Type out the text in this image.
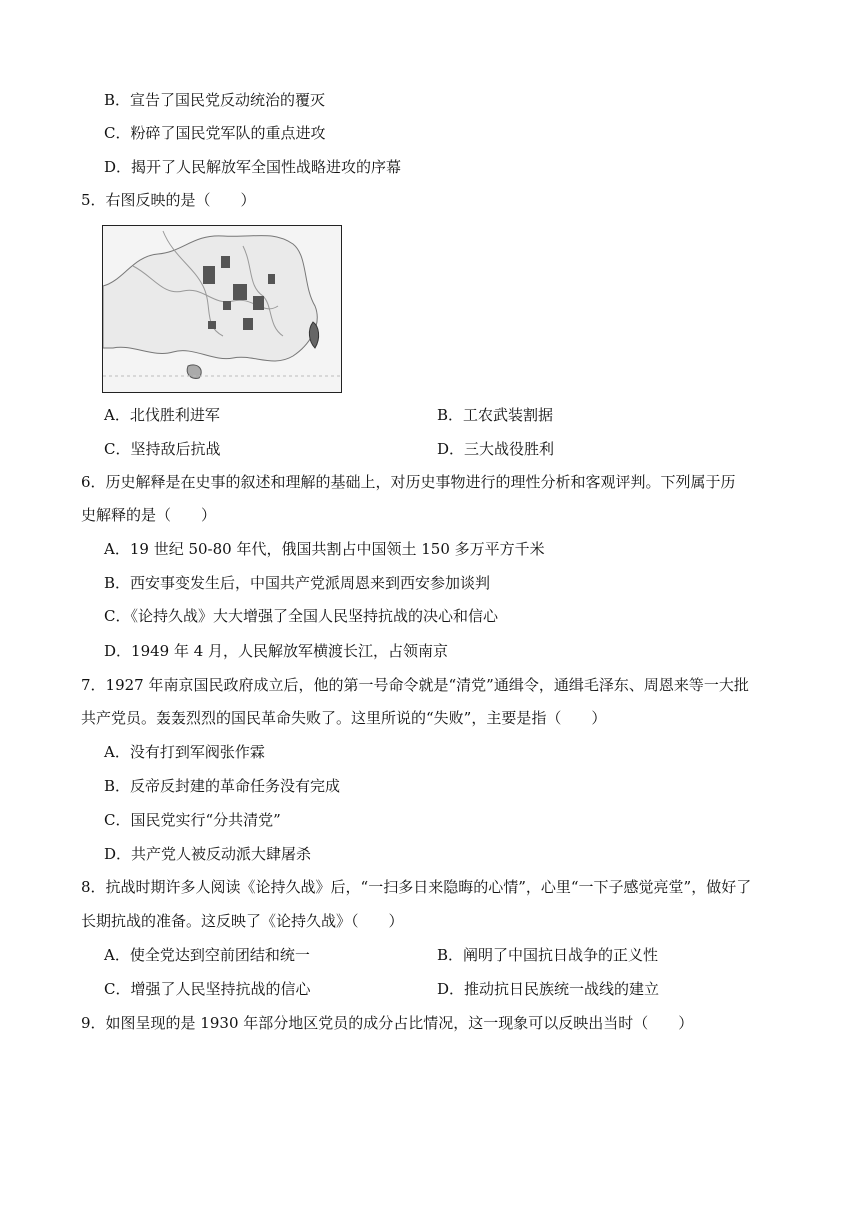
B．宣告了国民党反动统治的覆灭
C．粉碎了国民党军队的重点进攻
D．揭开了人民解放军全国性战略进攻的序幕
5．右图反映的是（　　）
A．北伐胜利进军	B．工农武装割据
C．坚持敌后抗战	D．三大战役胜利
6．历史解释是在史事的叙述和理解的基础上，对历史事物进行的理性分析和客观评判。下列属于历
史解释的是（　　）
A．19 世纪 50-80 年代，俄国共割占中国领土 150 多万平方千米
B．西安事变发生后，中国共产党派周恩来到西安参加谈判
C．《论持久战》大大增强了全国人民坚持抗战的决心和信心
D．1949 年 4 月，人民解放军横渡长江，占领南京
7．1927 年南京国民政府成立后，他的第一号命令就是“清党”通缉令，通缉毛泽东、周恩来等一大批
共产党员。轰轰烈烈的国民革命失败了。这里所说的“失败”，主要是指（　　）
A．没有打到军阀张作霖
B．反帝反封建的革命任务没有完成
C．国民党实行“分共清党”
D．共产党人被反动派大肆屠杀
8．抗战时期许多人阅读《论持久战》后，“一扫多日来隐晦的心情”，心里“一下子感觉亮堂”，做好了
长期抗战的准备。这反映了《论持久战》（　　）
A．使全党达到空前团结和统一	B．阐明了中国抗日战争的正义性
C．增强了人民坚持抗战的信心	D．推动抗日民族统一战线的建立
9．如图呈现的是 1930 年部分地区党员的成分占比情况，这一现象可以反映出当时（　　）
